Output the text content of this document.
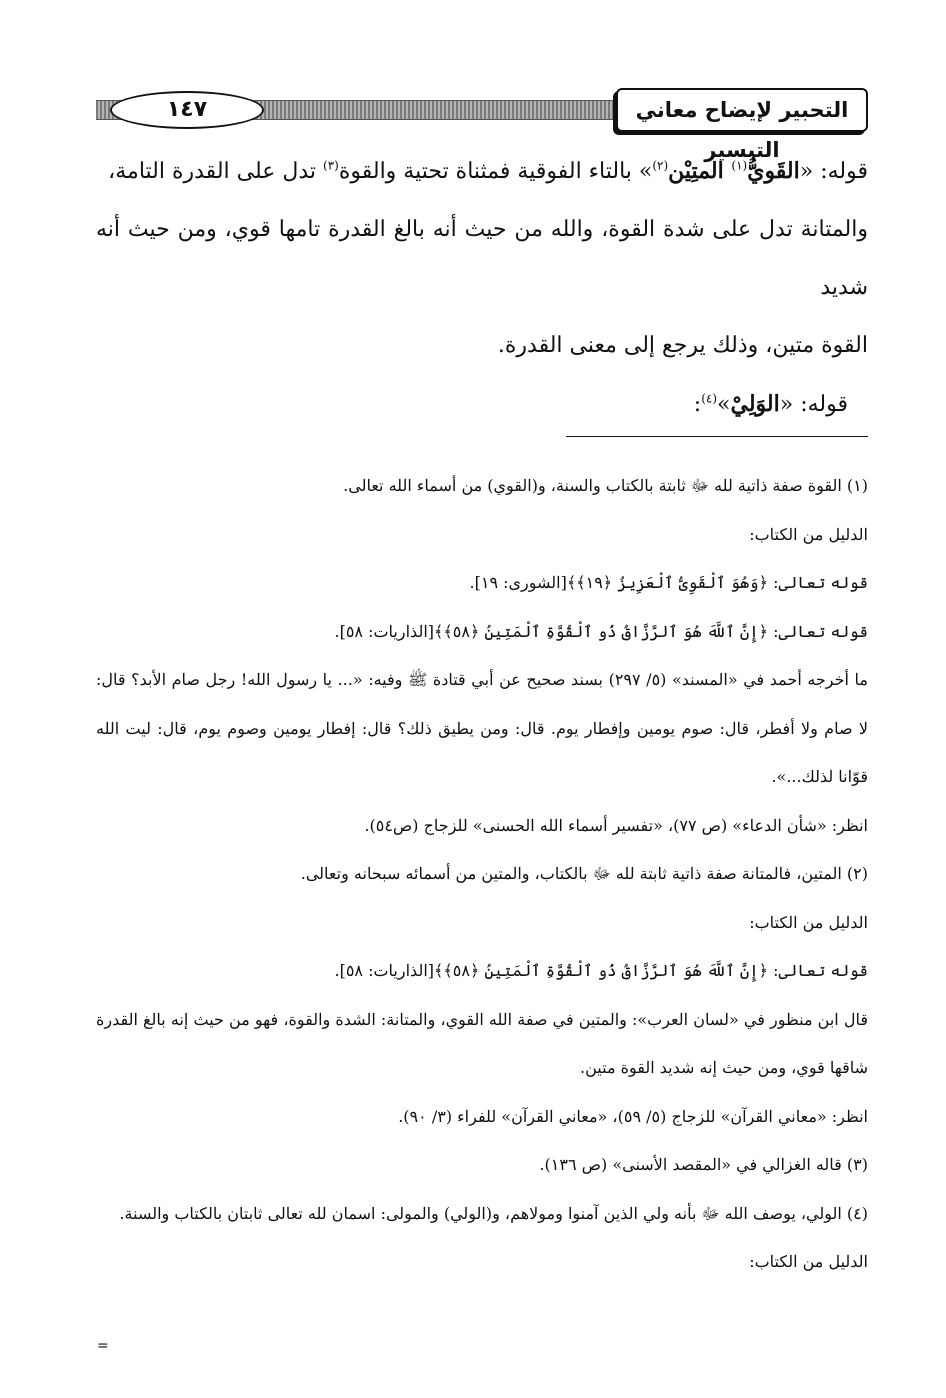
١٤٧	التحبير لإيضاح معاني التيسير

قوله: «القَويُّ$^{(١)}$ المتِيْن$^{(٢)}$» بالتاء الفوقية فمثناة تحتية والقوة$^{(٣)}$ تدل على القدرة التامة،

والمتانة تدل على شدة القوة، والله من حيث أنه بالغ القدرة تامها قوي، ومن حيث أنه شديد

القوة متين، وذلك يرجع إلى معنى القدرة.

قوله: «الوَلِيْ»$^{(٤)}$:

(١) القوة صفة ذاتية لله ﷻ ثابتة بالكتاب والسنة، و(القوي) من أسماء الله تعالى.

الدليل من الكتاب:

قوله تعالى: ﴿وَهُوَ ٱلْقَوِىُّ ٱلْعَزِيزُ ﴿١٩﴾﴾[الشورى: ١٩].

قوله تعالى: ﴿إِنَّ ٱللَّهَ هُوَ ٱلرَّزَّاقُ ذُو ٱلْقُوَّةِ ٱلْمَتِينُ ﴿٥٨﴾﴾[الذاريات: ٥٨].

ما أخرجه أحمد في «المسند» (٥/ ٢٩٧) بسند صحيح عن أبي قتادة ﷺ وفيه: «... يا رسول الله! رجل صام الأبد؟ قال: لا صام ولا أفطر، قال: صوم يومين وإفطار يوم. قال: ومن يطيق ذلك؟ قال: إفطار يومين وصوم يوم، قال: ليت الله قوّانا لذلك...».

انظر: «شأن الدعاء» (ص ٧٧)، «تفسير أسماء الله الحسنى» للزجاج (ص٥٤).

(٢) المتين، فالمتانة صفة ذاتية ثابتة لله ﷻ بالكتاب، والمتين من أسمائه سبحانه وتعالى.

الدليل من الكتاب:

قوله تعالى: ﴿إِنَّ ٱللَّهَ هُوَ ٱلرَّزَّاقُ ذُو ٱلْقُوَّةِ ٱلْمَتِينُ ﴿٥٨﴾﴾[الذاريات: ٥٨].

قال ابن منظور في «لسان العرب»: والمتين في صفة الله القوي، والمتانة: الشدة والقوة، فهو من حيث إنه بالغ القدرة شاقها قوي، ومن حيث إنه شديد القوة متين.

انظر: «معاني القرآن» للزجاج (٥/ ٥٩)، «معاني القرآن» للفراء (٣/ ٩٠).

(٣) قاله الغزالي في «المقصد الأسنى» (ص ١٣٦).

(٤) الولي، يوصف الله ﷻ بأنه ولي الذين آمنوا ومولاهم، و(الولي) والمولى: اسمان لله تعالى ثابتان بالكتاب والسنة.

الدليل من الكتاب:

=
